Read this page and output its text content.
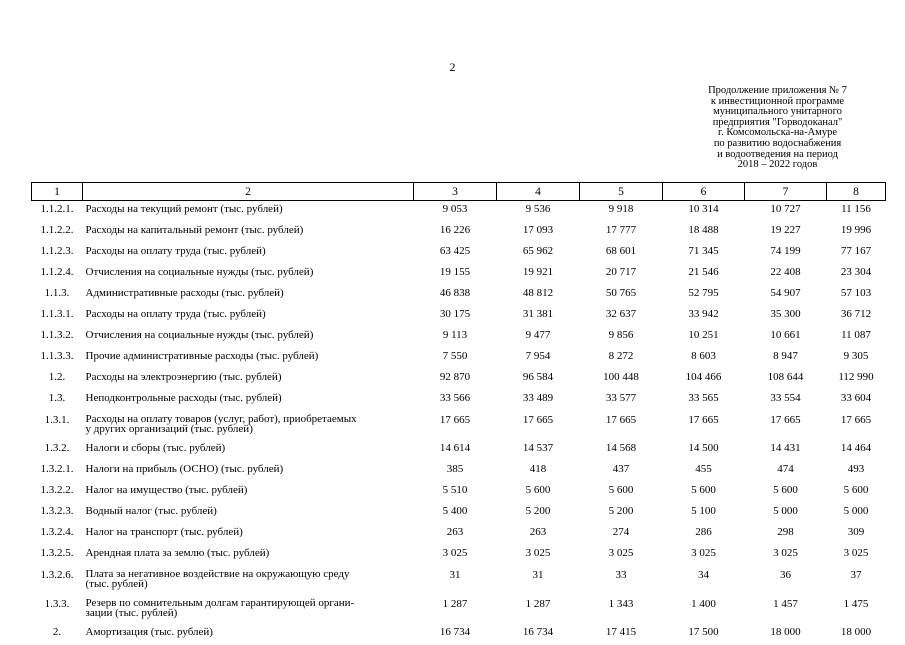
2
Продолжение приложения № 7
к инвестиционной программе
муниципального унитарного
предприятия "Горводоканал"
г. Комсомольска-на-Амуре
по развитию водоснабжения
и водоотведения на период
2018 – 2022 годов
1	2	3	4	5	6	7	8
1.1.2.1.	Расходы на текущий ремонт (тыс. рублей)	9 053	9 536	9 918	10 314	10 727	11 156
1.1.2.2.	Расходы на капитальный ремонт (тыс. рублей)	16 226	17 093	17 777	18 488	19 227	19 996
1.1.2.3.	Расходы на оплату труда (тыс. рублей)	63 425	65 962	68 601	71 345	74 199	77 167
1.1.2.4.	Отчисления на социальные нужды (тыс. рублей)	19 155	19 921	20 717	21 546	22 408	23 304
1.1.3.	Административные расходы (тыс. рублей)	46 838	48 812	50 765	52 795	54 907	57 103
1.1.3.1.	Расходы на оплату труда (тыс. рублей)	30 175	31 381	32 637	33 942	35 300	36 712
1.1.3.2.	Отчисления на социальные нужды (тыс. рублей)	9 113	9 477	9 856	10 251	10 661	11 087
1.1.3.3.	Прочие административные расходы (тыс. рублей)	7 550	7 954	8 272	8 603	8 947	9 305
1.2.	Расходы на электроэнергию (тыс. рублей)	92 870	96 584	100 448	104 466	108 644	112 990
1.3.	Неподконтрольные расходы (тыс. рублей)	33 566	33 489	33 577	33 565	33 554	33 604
1.3.1.	Расходы на оплату товаров (услуг, работ), приобретаемых
у других организаций (тыс. рублей)	17 665	17 665	17 665	17 665	17 665	17 665
1.3.2.	Налоги и сборы (тыс. рублей)	14 614	14 537	14 568	14 500	14 431	14 464
1.3.2.1.	Налоги на прибыль (ОСНО) (тыс. рублей)	385	418	437	455	474	493
1.3.2.2.	Налог на имущество (тыс. рублей)	5 510	5 600	5 600	5 600	5 600	5 600
1.3.2.3.	Водный налог (тыс. рублей)	5 400	5 200	5 200	5 100	5 000	5 000
1.3.2.4.	Налог на транспорт (тыс. рублей)	263	263	274	286	298	309
1.3.2.5.	Арендная плата за землю (тыс. рублей)	3 025	3 025	3 025	3 025	3 025	3 025
1.3.2.6.	Плата за негативное воздействие на окружающую среду
(тыс. рублей)	31	31	33	34	36	37
1.3.3.	Резерв по сомнительным долгам гарантирующей органи-
зации (тыс. рублей)	1 287	1 287	1 343	1 400	1 457	1 475
2.	Амортизация (тыс. рублей)	16 734	16 734	17 415	17 500	18 000	18 000
